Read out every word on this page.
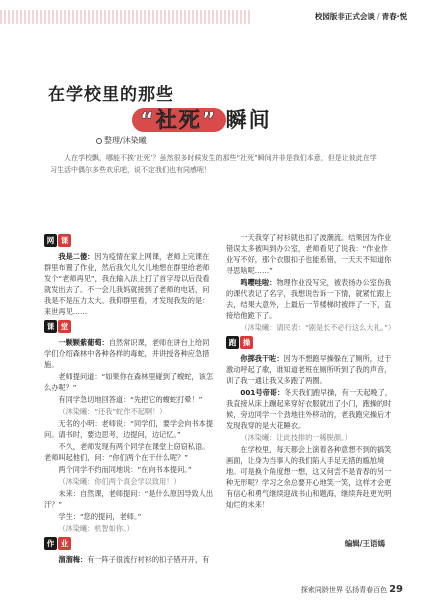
校园版非正式会谈 / 青春·悦
在学校里的那些
“社死” 瞬间
整理/沐染曦
人在学校飘，哪能不挨‘社死’？虽然很多时候发生的那些“社死”瞬间并非是我们本意，但是让彼此在学习生活中偶尔多些欢乐吧，说不定我们也有同感呢！
网 课

我是二傻：因为疫情在家上网课，老师上完课在群里布置了作业，然后我欠儿欠儿地想在群里给老师发个“老师再见”，我在输入法上打了首字母以后没看就发出去了。不一会儿我妈就接到了老师的电话，问我是不是压力太大。我仰群里看，才发现我发的是：来世再见……

课 堂

一颗颗紫葡萄：自然常识课，老师在讲台上给同学们介绍森林中各种各样的毒蛇，并讲授各种应急措施。

老师提问道：“如果你在森林里碰到了蝮蛇，该怎么办呢？”

有同学急切地回答道：“先把它的蝮蛇打晕！”

（沐染曦：“还我”蛇作不起啊！）

无名的小明：老师说：“同学们，要学会向书本提问。请书时，要边思考，边提问，边记忆。”

不久，老师发现有两个同学在课堂上窃窃私语。老师叫起他们，问：“你们两个在干什么呢？”

两个同学不约而同地说：“在向书本提问。”

（沐染曦：你们两个真会学以致用！）

未来：自然课，老师提问：“是什么原因导致人出汗？”

学生：“您的提问，老师。”

（沐染曦：机智如你。）

作 业

溜溜梅：有一阵子很流行衬衫的扣子错开开，有

一天我穿了衬衫就也扣了波潮流。结果因为作业错误太多被叫到办公室，老师看见了说我：“作业作业写不好，那个衣服扣子也能系错，一天天不知道你寻思啥呢……”

鸣嘤哇啦：物理作业没写完，被表扬办公室伤我的课代表记了名字，我想说告诉一下情，就紧忙跟上去，结果大意外，上最后一节楼梯时被绊了一下，直接给他跪下了。

（沐染曦：请民表：“剧是长不必行这么大礼。”）

跑 操

你掷我干咗：因为不想跑早操躲在了厕所，过于激动呼起了歌，谁知道老班在厕所听到了我的声音，训了我一通让我又多跑了两圈。

001号帝哥：冬天我们跑早操，有一天起晚了，我直接从床上蹦起来穿好衣服就出了小门，跑操的时候，旁边同学一个劲地往外移动的，老我跑完操后才发现我穿的是大花睡衣。

（沐染曦：让此技排的一稀脱颜。）

在学校里，每天都会上演着各种意想不到的搞笑画面，让身为当事人的我们陷入手足无措的尴尬境地。可是换个角度想一想，这又何尝不是青春的另一种无形呢？学习之余总要开心地笑一笑，这样才会更有信心和勇气继续迎战书山和题海，继续奔赴更光明灿烂的未来！

编辑/王语嫣
探索同龄世界 弘扬青春百色 29
